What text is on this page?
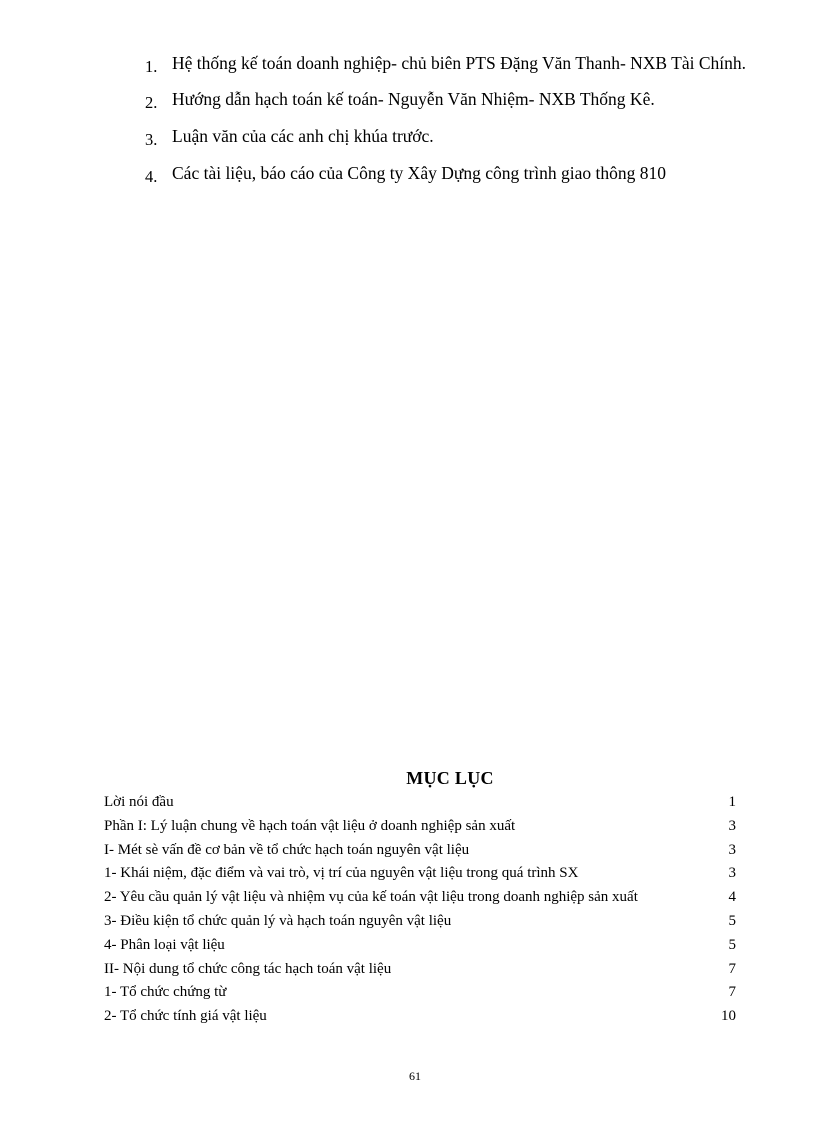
1. Hệ thống kế toán doanh nghiệp- chủ biên PTS Đặng Văn Thanh- NXB Tài Chính.
2. Hướng dẫn hạch toán kế toán- Nguyễn Văn Nhiệm- NXB Thống Kê.
3. Luận văn của các anh chị khúa trước.
4. Các tài liệu, báo cáo của Công ty Xây Dựng công trình giao thông 810
MỤC LỤC
Lời nói đầu	1
Phần I: Lý luận chung về hạch toán vật liệu ở doanh nghiệp sản xuất	3
I- Mét sè vấn đề cơ bản về tổ chức hạch toán nguyên vật liệu	3
1- Khái niệm, đặc điểm và vai trò, vị trí của nguyên vật liệu trong quá trình SX	3
2- Yêu cầu quản lý vật liệu và nhiệm vụ của kế toán vật liệu trong doanh nghiệp sản xuất	4
3- Điều kiện tổ chức quản lý và hạch toán nguyên vật liệu	5
4- Phân loại vật liệu	5
II- Nội dung tổ chức công tác hạch toán vật liệu	7
1- Tổ chức chứng từ	7
2- Tổ chức tính giá vật liệu	10
61
